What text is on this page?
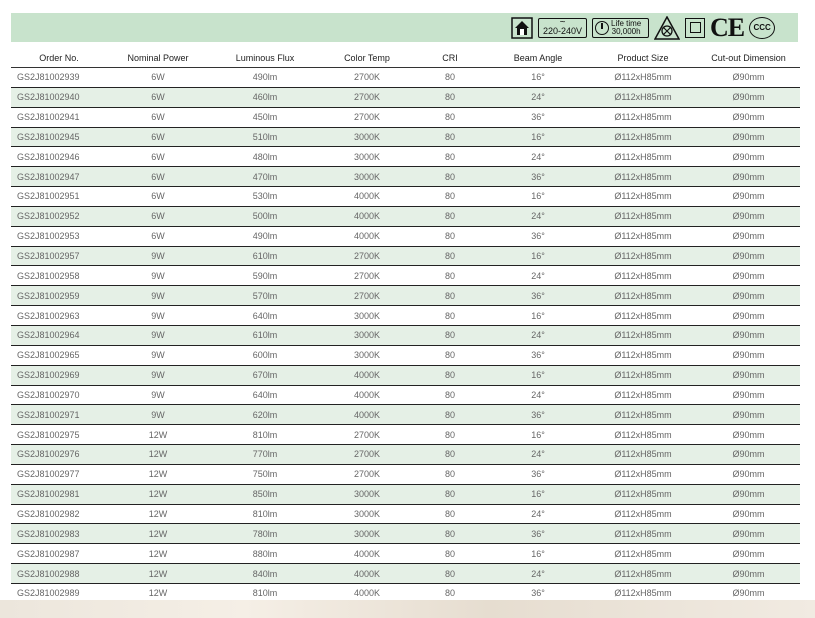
~
220-240V
Life time
30,000h	CE	CCC
Order No.	Nominal Power	Luminous Flux	Color Temp	CRI	Beam Angle	Product Size	Cut-out Dimension
GS2J81002939	6W	490lm	2700K	80	16°	Ø112xH85mm	Ø90mm
GS2J81002940	6W	460lm	2700K	80	24°	Ø112xH85mm	Ø90mm
GS2J81002941	6W	450lm	2700K	80	36°	Ø112xH85mm	Ø90mm
GS2J81002945	6W	510lm	3000K	80	16°	Ø112xH85mm	Ø90mm
GS2J81002946	6W	480lm	3000K	80	24°	Ø112xH85mm	Ø90mm
GS2J81002947	6W	470lm	3000K	80	36°	Ø112xH85mm	Ø90mm
GS2J81002951	6W	530lm	4000K	80	16°	Ø112xH85mm	Ø90mm
GS2J81002952	6W	500lm	4000K	80	24°	Ø112xH85mm	Ø90mm
GS2J81002953	6W	490lm	4000K	80	36°	Ø112xH85mm	Ø90mm
GS2J81002957	9W	610lm	2700K	80	16°	Ø112xH85mm	Ø90mm
GS2J81002958	9W	590lm	2700K	80	24°	Ø112xH85mm	Ø90mm
GS2J81002959	9W	570lm	2700K	80	36°	Ø112xH85mm	Ø90mm
GS2J81002963	9W	640lm	3000K	80	16°	Ø112xH85mm	Ø90mm
GS2J81002964	9W	610lm	3000K	80	24°	Ø112xH85mm	Ø90mm
GS2J81002965	9W	600lm	3000K	80	36°	Ø112xH85mm	Ø90mm
GS2J81002969	9W	670lm	4000K	80	16°	Ø112xH85mm	Ø90mm
GS2J81002970	9W	640lm	4000K	80	24°	Ø112xH85mm	Ø90mm
GS2J81002971	9W	620lm	4000K	80	36°	Ø112xH85mm	Ø90mm
GS2J81002975	12W	810lm	2700K	80	16°	Ø112xH85mm	Ø90mm
GS2J81002976	12W	770lm	2700K	80	24°	Ø112xH85mm	Ø90mm
GS2J81002977	12W	750lm	2700K	80	36°	Ø112xH85mm	Ø90mm
GS2J81002981	12W	850lm	3000K	80	16°	Ø112xH85mm	Ø90mm
GS2J81002982	12W	810lm	3000K	80	24°	Ø112xH85mm	Ø90mm
GS2J81002983	12W	780lm	3000K	80	36°	Ø112xH85mm	Ø90mm
GS2J81002987	12W	880lm	4000K	80	16°	Ø112xH85mm	Ø90mm
GS2J81002988	12W	840lm	4000K	80	24°	Ø112xH85mm	Ø90mm
GS2J81002989	12W	810lm	4000K	80	36°	Ø112xH85mm	Ø90mm
